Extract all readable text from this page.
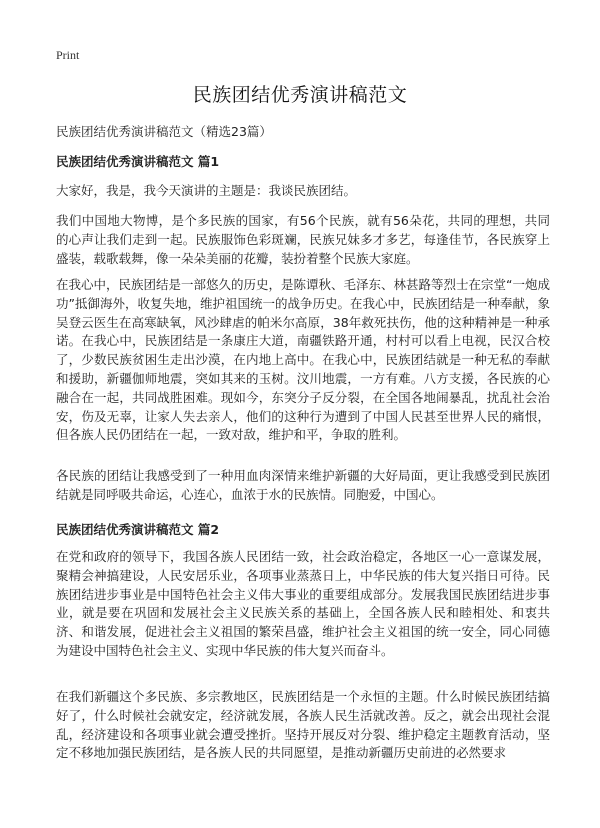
Print
民族团结优秀演讲稿范文

民族团结优秀演讲稿范文（精选23篇）

民族团结优秀演讲稿范文 篇1

大家好，我是，我今天演讲的主题是：我谈民族团结。

我们中国地大物博，是个多民族的国家，有56个民族，就有56朵花，共同的理想，共同的心声让我们走到一起。民族服饰色彩斑斓，民族兄妹多才多艺，每逢佳节，各民族穿上盛装，载歌载舞，像一朵朵美丽的花瓣，装扮着整个民族大家庭。

在我心中，民族团结是一部悠久的历史，是陈谭秋、毛泽东、林甚路等烈士在宗堂“一炮成功”抵御海外，收复失地，维护祖国统一的战争历史。在我心中，民族团结是一种奉献，象吴登云医生在高寒缺氧，风沙肆虐的帕米尔高原，38年救死扶伤，他的这种精神是一种承诺。在我心中，民族团结是一条康庄大道，南疆铁路开通，村村可以看上电视，民汉合校了，少数民族贫困生走出沙漠，在内地上高中。在我心中，民族团结就是一种无私的奉献和援助，新疆伽师地震，突如其来的玉树。汶川地震，一方有难。八方支援，各民族的心融合在一起，共同战胜困难。现如今，东突分子反分裂，在全国各地闹暴乱，扰乱社会治安，伤及无辜，让家人失去亲人，他们的这种行为遭到了中国人民甚至世界人民的痛恨，但各族人民仍团结在一起，一致对敌，维护和平，争取的胜利。

各民族的团结让我感受到了一种用血肉深情来维护新疆的大好局面，更让我感受到民族团结就是同呼吸共命运，心连心，血浓于水的民族情。同胞爱，中国心。

民族团结优秀演讲稿范文 篇2

在党和政府的领导下，我国各族人民团结一致，社会政治稳定，各地区一心一意谋发展，聚精会神搞建设，人民安居乐业，各项事业蒸蒸日上，中华民族的伟大复兴指日可待。民族团结进步事业是中国特色社会主义伟大事业的重要组成部分。发展我国民族团结进步事业，就是要在巩固和发展社会主义民族关系的基础上，全国各族人民和睦相处、和衷共济、和谐发展，促进社会主义祖国的繁荣昌盛，维护社会主义祖国的统一安全，同心同德为建设中国特色社会主义、实现中华民族的伟大复兴而奋斗。

在我们新疆这个多民族、多宗教地区，民族团结是一个永恒的主题。什么时候民族团结搞好了，什么时候社会就安定，经济就发展，各族人民生活就改善。反之，就会出现社会混乱，经济建设和各项事业就会遭受挫折。坚持开展反对分裂、维护稳定主题教育活动，坚定不移地加强民族团结，是各族人民的共同愿望，是推动新疆历史前进的必然要求
